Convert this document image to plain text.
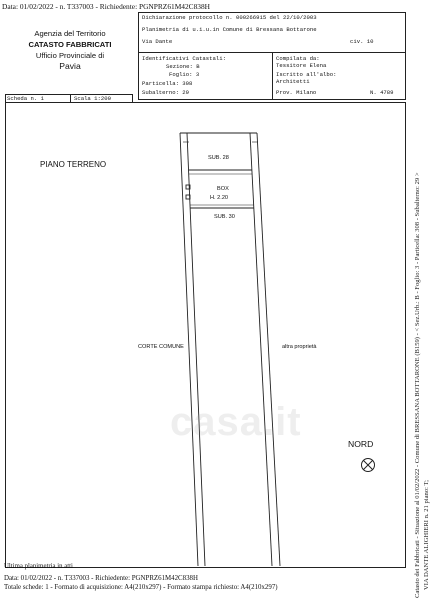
Data: 01/02/2022 - n. T337003 - Richiedente: PGNPRZ61M42C838H
Agenzia del Territorio
CATASTO FABBRICATI
Ufficio Provinciale di
Pavia
Dichiarazione protocollo n. 000266915 del 22/10/2003
Planimetria di u.i.u.in Comune di Bressana Bottarone
Via Dante	civ. 10
Identificativi Catastali:
Sezione: B
Foglio: 3
Particella: 308
Subalterno: 29
Compilata da:
Tessitore Elena
Iscritto all'albo:
Architetti
Prov. Milano	N. 4789
Scheda n. 1	Scala 1:200
PIANO TERRENO
SUB. 28
BOX
H. 2.20
SUB. 30
CORTE COMUNE	altra proprietà
NORD
casa.it
Ultima planimetria in atti
Data: 01/02/2022 - n. T337003 - Richiedente: PGNPRZ61M42C838H
Totale schede: 1 - Formato di acquisizione: A4(210x297) - Formato stampa richiesto: A4(210x297)	Catasto dei Fabbricati - Situazione al 01/02/2022 - Comune di BRESSANA BOTTARONE (B159) - < Sez.Urb.: B - Foglio: 3 - Particella: 308 - Subalterno: 29 > VIA DANTE ALIGHIERI n. 21 piano: T;
